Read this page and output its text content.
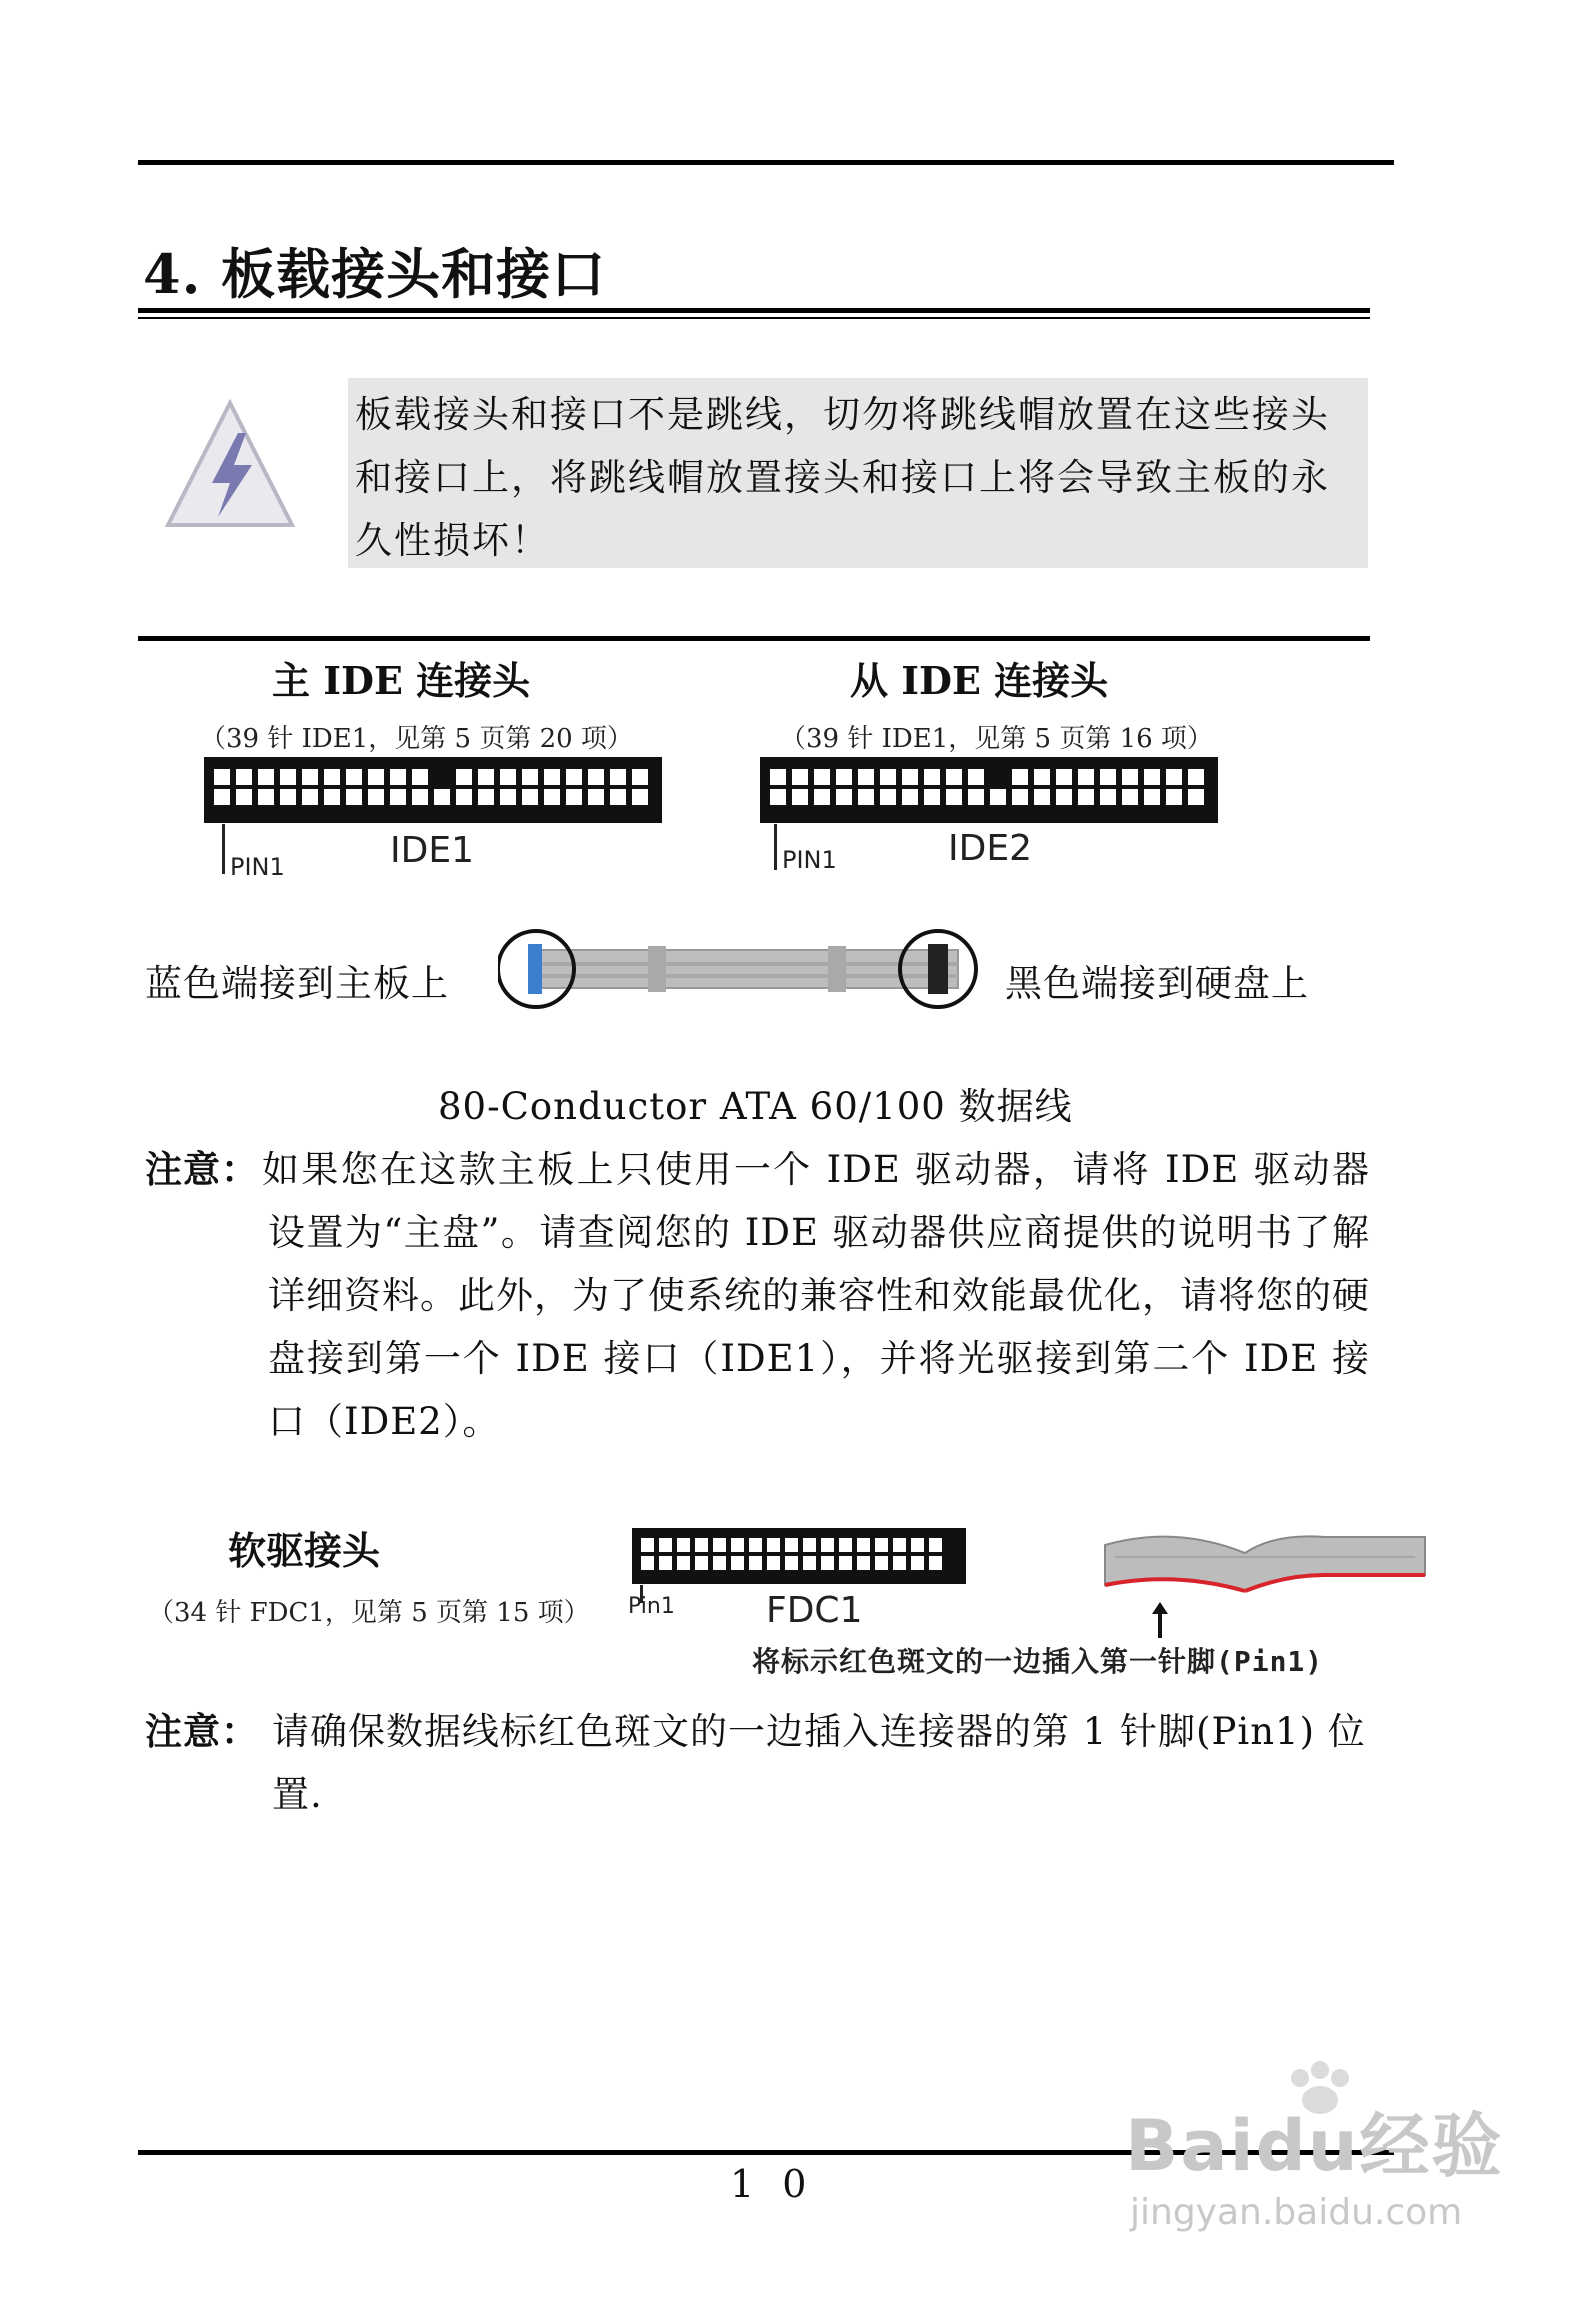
4. 板载接头和接口
板载接头和接口不是跳线，切勿将跳线帽放置在这些接头和接口上，将跳线帽放置接头和接口上将会导致主板的永久性损坏！
主 IDE 连接头
（39 针 IDE1，见第 5 页第 20 项）
PIN1	IDE1
从 IDE 连接头
（39 针 IDE1，见第 5 页第 16 项）
PIN1	IDE2
蓝色端接到主板上	黑色端接到硬盘上
80-Conductor ATA 60/100 数据线
注意： 如果您在这款主板上只使用一个 IDE 驱动器，请将 IDE 驱动器设置为“主盘”。请查阅您的 IDE 驱动器供应商提供的说明书了解详细资料。此外，为了使系统的兼容性和效能最优化，请将您的硬盘接到第一个 IDE 接口（IDE1），并将光驱接到第二个 IDE 接口（IDE2）。
软驱接头
（34 针 FDC1，见第 5 页第 15 项） Pin1	FDC1
将标示红色斑文的一边插入第一针脚(Pin1)
注意： 请确保数据线标红色斑文的一边插入连接器的第 1 针脚(Pin1) 位置.
1 0	Baidu经验
jingyan.baidu.com
